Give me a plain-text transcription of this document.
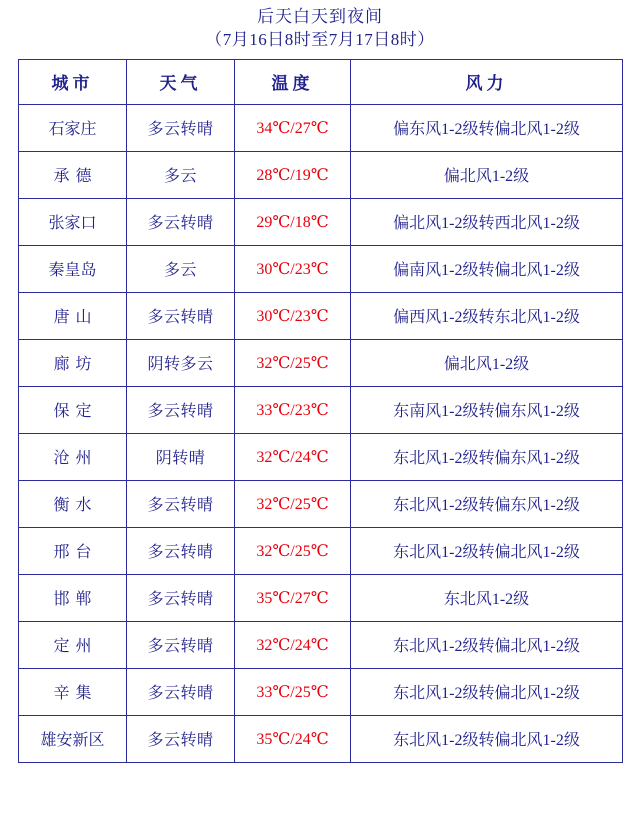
后天白天到夜间
（7月16日8时至7月17日8时）
城市	天气	温度	风力
石家庄	多云转晴	34℃/27℃	偏东风1-2级转偏北风1-2级
承德	多云	28℃/19℃	偏北风1-2级
张家口	多云转晴	29℃/18℃	偏北风1-2级转西北风1-2级
秦皇岛	多云	30℃/23℃	偏南风1-2级转偏北风1-2级
唐山	多云转晴	30℃/23℃	偏西风1-2级转东北风1-2级
廊坊	阴转多云	32℃/25℃	偏北风1-2级
保定	多云转晴	33℃/23℃	东南风1-2级转偏东风1-2级
沧州	阴转晴	32℃/24℃	东北风1-2级转偏东风1-2级
衡水	多云转晴	32℃/25℃	东北风1-2级转偏东风1-2级
邢台	多云转晴	32℃/25℃	东北风1-2级转偏北风1-2级
邯郸	多云转晴	35℃/27℃	东北风1-2级
定州	多云转晴	32℃/24℃	东北风1-2级转偏北风1-2级
辛集	多云转晴	33℃/25℃	东北风1-2级转偏北风1-2级
雄安新区	多云转晴	35℃/24℃	东北风1-2级转偏北风1-2级
